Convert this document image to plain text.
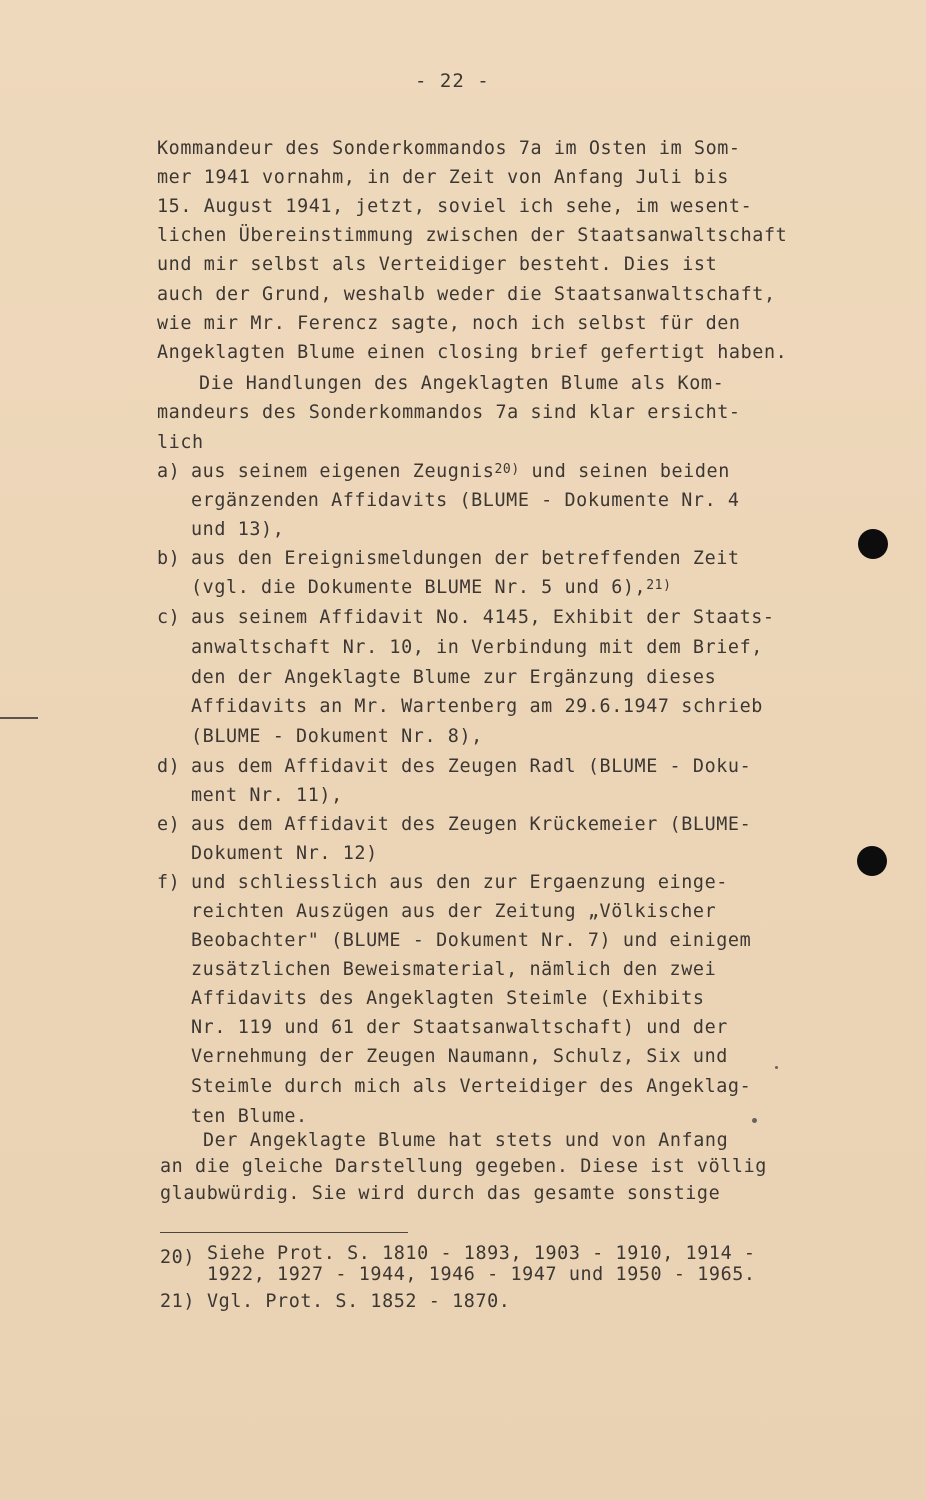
- 22 -
Kommandeur des Sonderkommandos 7a im Osten im Som-
mer 1941 vornahm, in der Zeit von Anfang Juli bis
15. August 1941, jetzt, soviel ich sehe, im wesent-
lichen Übereinstimmung zwischen der Staatsanwaltschaft
und mir selbst als Verteidiger besteht. Dies ist
auch der Grund, weshalb weder die Staatsanwaltschaft,
wie mir Mr. Ferencz sagte, noch ich selbst für den
Angeklagten Blume einen closing brief gefertigt haben.
Die Handlungen des Angeklagten Blume als Kom-
mandeurs des Sonderkommandos 7a sind klar ersicht-
lich
a) aus seinem eigenen Zeugnis$^{20)}$ und seinen beiden
ergänzenden Affidavits (BLUME - Dokumente Nr. 4
und 13),
b) aus den Ereignismeldungen der betreffenden Zeit
(vgl. die Dokumente BLUME Nr. 5 und 6),$^{21)}$
c) aus seinem Affidavit No. 4145, Exhibit der Staats-
anwaltschaft Nr. 10, in Verbindung mit dem Brief,
den der Angeklagte Blume zur Ergänzung dieses
Affidavits an Mr. Wartenberg am 29.6.1947 schrieb
(BLUME - Dokument Nr. 8),
d) aus dem Affidavit des Zeugen Radl (BLUME - Doku-
ment Nr. 11),
e) aus dem Affidavit des Zeugen Krückemeier (BLUME-
Dokument Nr. 12)
f) und schliesslich aus den zur Ergaenzung einge-
reichten Auszügen aus der Zeitung „Völkischer
Beobachter" (BLUME - Dokument Nr. 7) und einigem
zusätzlichen Beweismaterial, nämlich den zwei
Affidavits des Angeklagten Steimle (Exhibits
Nr. 119 und 61 der Staatsanwaltschaft) und der
Vernehmung der Zeugen Naumann, Schulz, Six und
Steimle durch mich als Verteidiger des Angeklag-
ten Blume.
Der Angeklagte Blume hat stets und von Anfang
an die gleiche Darstellung gegeben. Diese ist völlig
glaubwürdig. Sie wird durch das gesamte sonstige
20) Siehe Prot. S. 1810 - 1893, 1903 - 1910, 1914 -
1922, 1927 - 1944, 1946 - 1947 und 1950 - 1965.
21) Vgl. Prot. S. 1852 - 1870.
